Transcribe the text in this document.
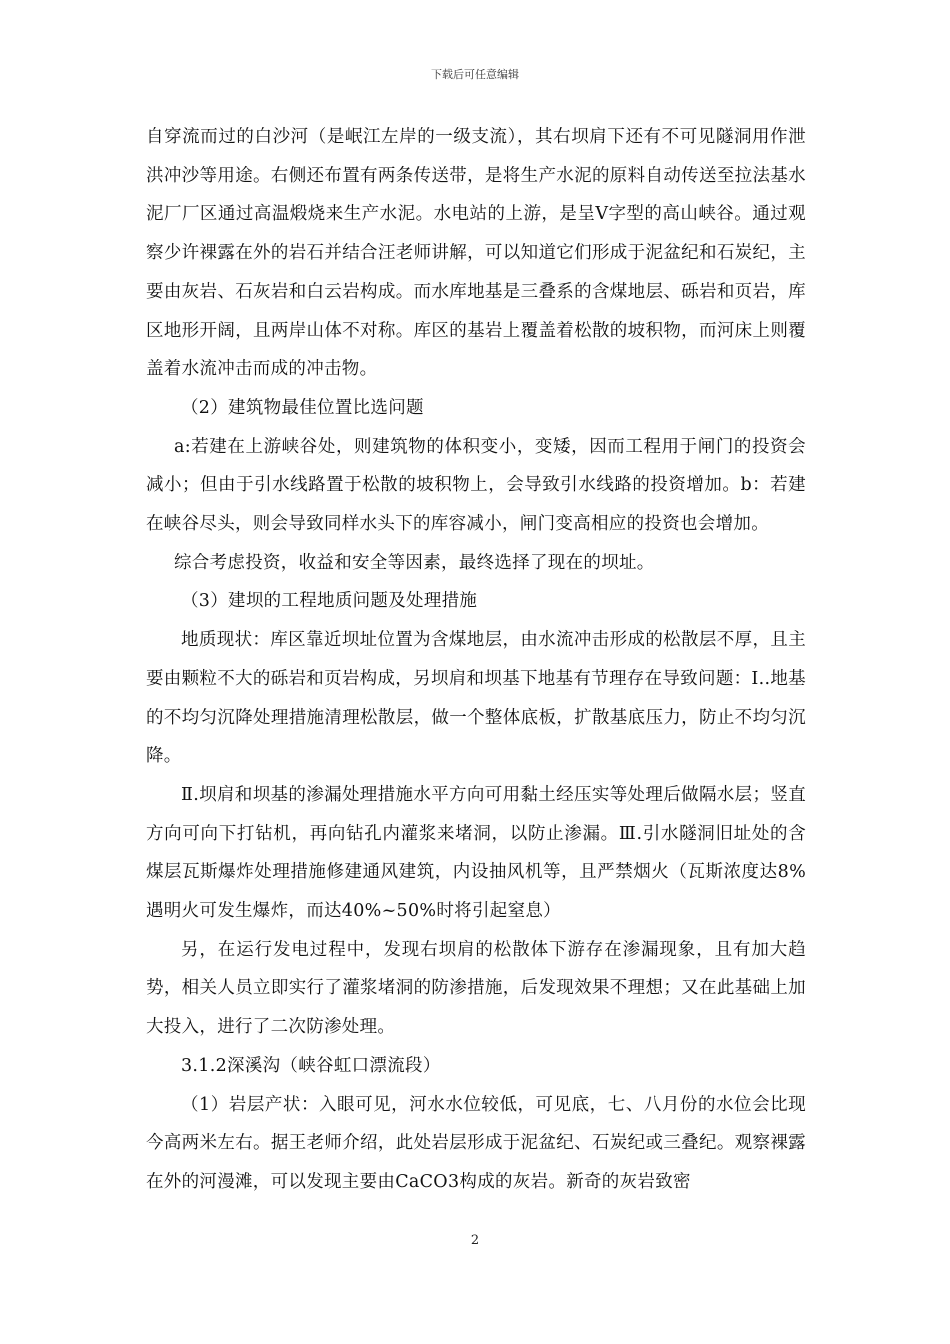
下载后可任意编辑

自穿流而过的白沙河（是岷江左岸的一级支流），其右坝肩下还有不可见隧洞用作泄洪冲沙等用途。右侧还布置有两条传送带，是将生产水泥的原料自动传送至拉法基水泥厂厂区通过高温煅烧来生产水泥。水电站的上游，是呈Ⅴ字型的高山峡谷。通过观察少许裸露在外的岩石并结合汪老师讲解，可以知道它们形成于泥盆纪和石炭纪，主要由灰岩、石灰岩和白云岩构成。而水库地基是三叠系的含煤地层、砾岩和页岩，库区地形开阔，且两岸山体不对称。库区的基岩上覆盖着松散的坡积物，而河床上则覆盖着水流冲击而成的冲击物。

（2）建筑物最佳位置比选问题

a:若建在上游峡谷处，则建筑物的体积变小，变矮，因而工程用于闸门的投资会减小；但由于引水线路置于松散的坡积物上，会导致引水线路的投资增加。b：若建在峡谷尽头，则会导致同样水头下的库容减小，闸门变高相应的投资也会增加。

综合考虑投资，收益和安全等因素，最终选择了现在的坝址。

（3）建坝的工程地质问题及处理措施

地质现状：库区靠近坝址位置为含煤地层，由水流冲击形成的松散层不厚，且主要由颗粒不大的砾岩和页岩构成，另坝肩和坝基下地基有节理存在导致问题：Ⅰ..地基的不均匀沉降处理措施清理松散层，做一个整体底板，扩散基底压力，防止不均匀沉降。

Ⅱ.坝肩和坝基的渗漏处理措施水平方向可用黏土经压实等处理后做隔水层；竖直方向可向下打钻机，再向钻孔内灌浆来堵洞，以防止渗漏。Ⅲ.引水隧洞旧址处的含煤层瓦斯爆炸处理措施修建通风建筑，内设抽风机等，且严禁烟火（瓦斯浓度达8%遇明火可发生爆炸，而达40%~50%时将引起窒息）

另，在运行发电过程中，发现右坝肩的松散体下游存在渗漏现象，且有加大趋势，相关人员立即实行了灌浆堵洞的防渗措施，后发现效果不理想；又在此基础上加大投入，进行了二次防渗处理。

3.1.2深溪沟（峡谷虹口漂流段）

（1）岩层产状：入眼可见，河水水位较低，可见底，七、八月份的水位会比现今高两米左右。据王老师介绍，此处岩层形成于泥盆纪、石炭纪或三叠纪。观察裸露在外的河漫滩，可以发现主要由CaCO3构成的灰岩。新奇的灰岩致密

2
